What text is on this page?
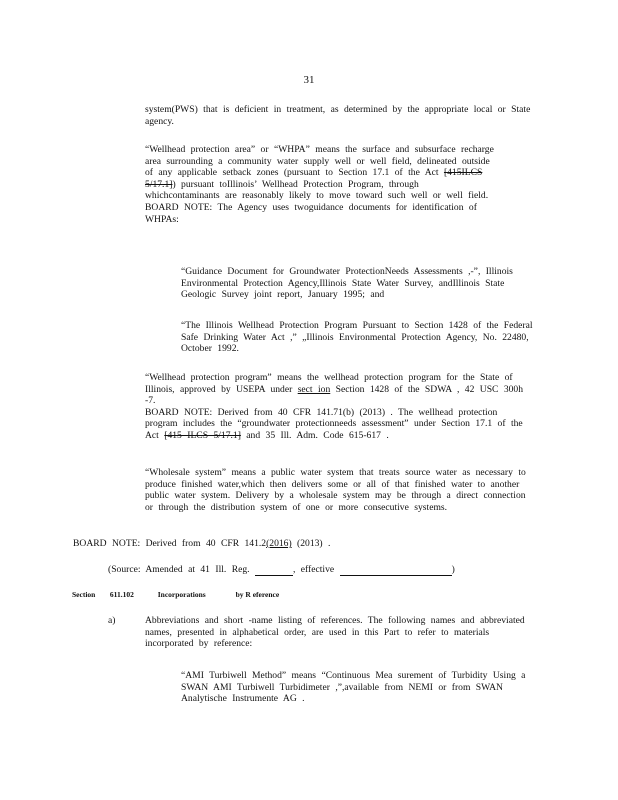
31

system(PWS) that is deficient in treatment, as determined by the appropriate local or State agency.

“Wellhead protection area” or “WHPA” means the surface and subsurface recharge area surrounding a community water supply well or well field, delineated outside of any applicable setback zones (pursuant to Section 17.1 of the Act [415ILCS 5/17.1]) pursuant toIllinois’ Wellhead Protection Program, through whichcontaminants are reasonably likely to move toward such well or well field.

BOARD NOTE: The Agency uses twoguidance documents for identification of WHPAs:

“Guidance Document for Groundwater ProtectionNeeds Assessments ,-”, Illinois Environmental Protection Agency,Illinois State Water Survey, andIllinois State Geologic Survey joint report, January 1995; and

“The Illinois Wellhead Protection Program Pursuant to Section 1428 of the Federal Safe Drinking Water Act ,” „Illinois Environmental Protection Agency, No. 22480, October 1992.

“Wellhead protection program” means the wellhead protection program for the State of Illinois, approved by USEPA under sect ion Section 1428 of the SDWA , 42 USC 300h -7.

BOARD NOTE: Derived from 40 CFR 141.71(b) (2013) . The wellhead protection program includes the “groundwater protectionneeds assessment” under Section 17.1 of the Act [415 ILCS 5/17.1] and 35 Ill. Adm. Code 615-617 .

“Wholesale system” means a public water system that treats source water as necessary to produce finished water,which then delivers some or all of that finished water to another public water system. Delivery by a wholesale system may be through a direct connection or through the distribution system of one or more consecutive systems.

BOARD NOTE: Derived from 40 CFR 141.2(2016) (2013) .

(Source: Amended at 41 Ill. Reg.	, effective	)

Section 611.102	Incorporations	by R eference

a)	Abbreviations and short -name listing of references. The following names and abbreviated names, presented in alphabetical order, are used in this Part to refer to materials incorporated by reference:

“AMI Turbiwell Method” means “Continuous Mea surement of Turbidity Using a SWAN AMI Turbiwell Turbidimeter ,”,available from NEMI or from SWAN Analytische Instrumente AG .
